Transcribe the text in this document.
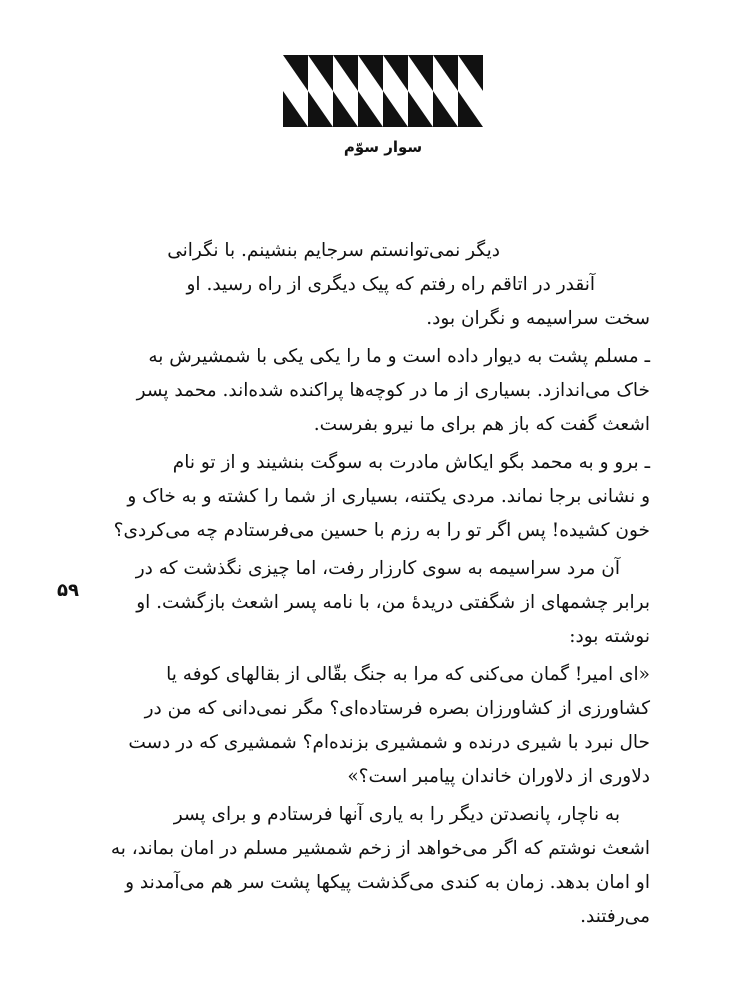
سوار سوّم
دیگر نمی‌توانستم سرجایم بنشینم. با نگرانی
آنقدر در اتاقم راه رفتم که پیک دیگری از راه رسید. او
سخت سراسیمه و نگران بود.
ـ مسلم پشت به دیوار داده است و ما را یکی یکی با شمشیرش به
خاک می‌اندازد. بسیاری از ما در کوچه‌ها پراکنده شده‌اند. محمد پسر
اشعث گفت که باز هم برای ما نیرو بفرست.
ـ برو و به محمد بگو ایکاش مادرت به سوگت بنشیند و از تو نام
و نشانی برجا نماند. مردی یکتنه، بسیاری از شما را کشته و به خاک و
خون کشیده! پس اگر تو را به رزم با حسین می‌فرستادم چه می‌کردی؟
آن مرد سراسیمه به سوی کارزار رفت، اما چیزی نگذشت که در
برابر چشمهای از شگفتی دریدهٔ من، با نامه پسر اشعث بازگشت. او
نوشته بود:
«ای امیر! گمان می‌کنی که مرا به جنگ بقّالی از بقالهای کوفه یا
کشاورزی از کشاورزان بصره فرستاده‌ای؟ مگر نمی‌دانی که من در
حال نبرد با شیری درنده و شمشیری بزنده‌ام؟ شمشیری که در دست
دلاوری از دلاوران خاندان پیامبر است؟»
به ناچار، پانصدتن دیگر را به یاری آنها فرستادم و برای پسر
اشعث نوشتم که اگر می‌خواهد از زخم شمشیر مسلم در امان بماند، به
او امان بدهد. زمان به کندی می‌گذشت پیکها پشت سر هم می‌آمدند و
می‌رفتند.
۵۹
